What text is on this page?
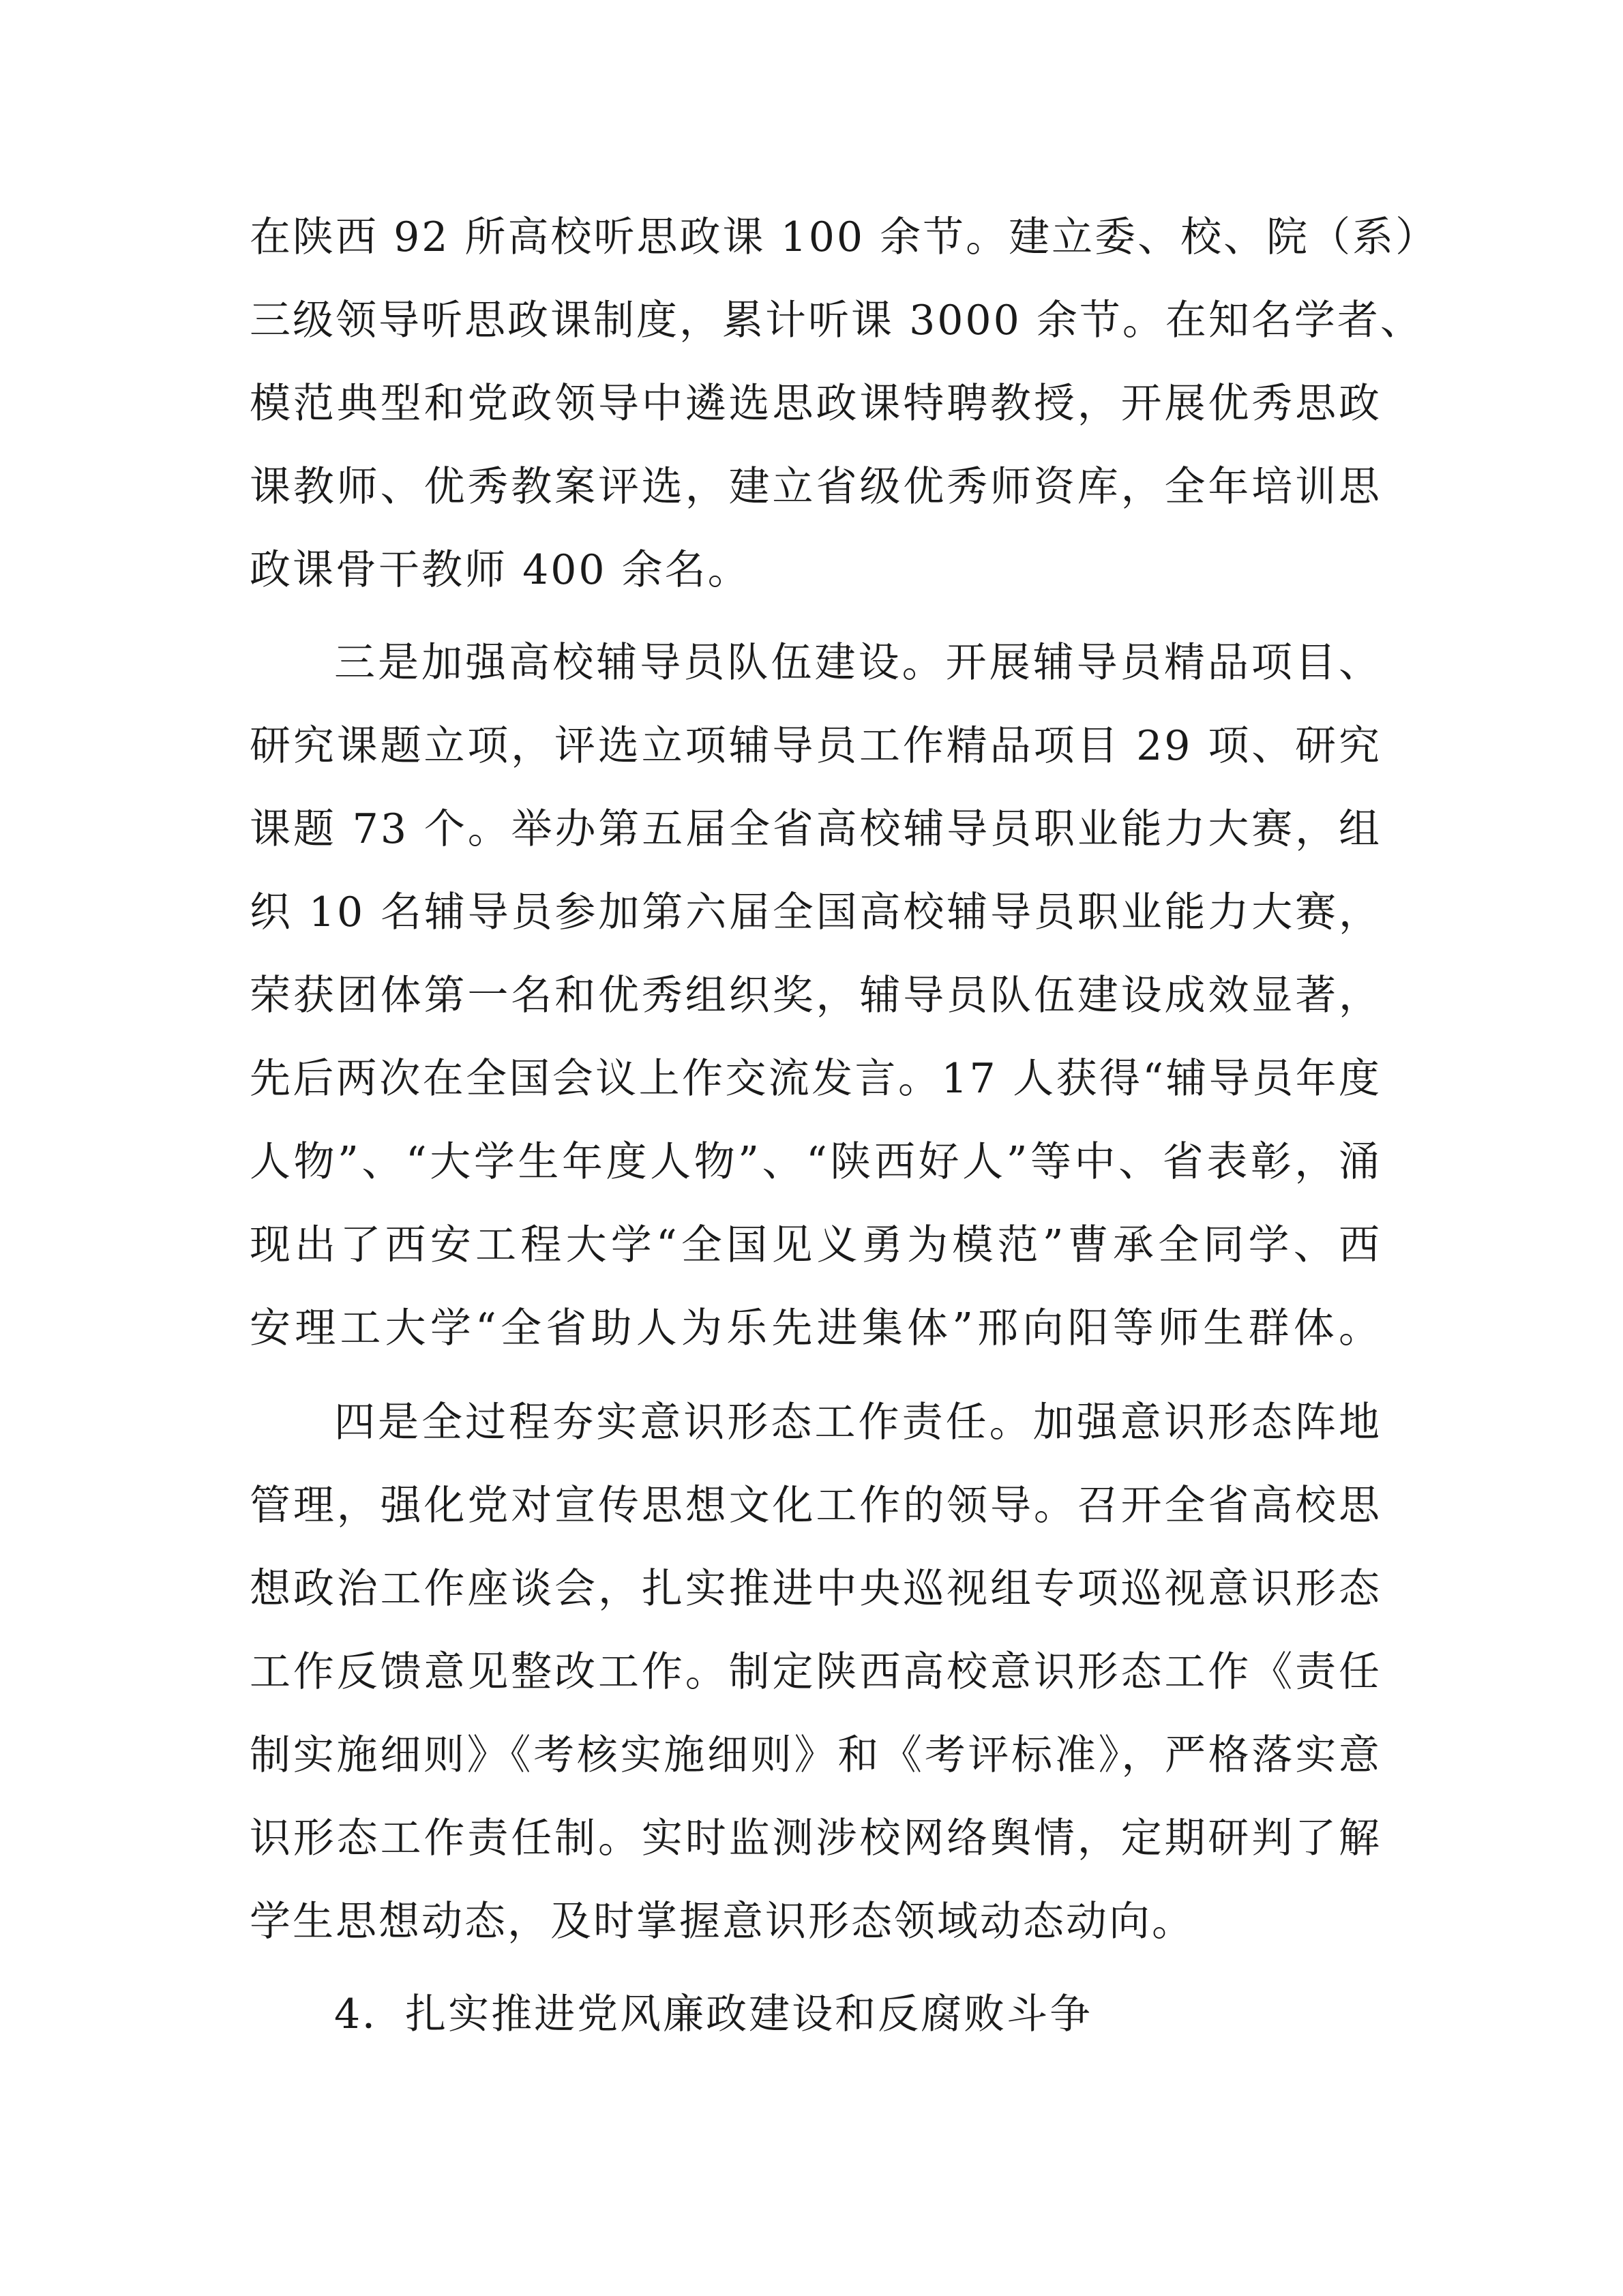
在陕西 92 所高校听思政课 100 余节。建立委、校、院（系）
三级领导听思政课制度，累计听课 3000 余节。在知名学者、
模范典型和党政领导中遴选思政课特聘教授，开展优秀思政
课教师、优秀教案评选，建立省级优秀师资库，全年培训思
政课骨干教师 400 余名。
三是加强高校辅导员队伍建设。开展辅导员精品项目、
研究课题立项，评选立项辅导员工作精品项目 29 项、研究
课题 73 个。举办第五届全省高校辅导员职业能力大赛，组
织 10 名辅导员参加第六届全国高校辅导员职业能力大赛，
荣获团体第一名和优秀组织奖，辅导员队伍建设成效显著，
先后两次在全国会议上作交流发言。17 人获得“辅导员年度
人物”、“大学生年度人物”、“陕西好人”等中、省表彰，涌
现出了西安工程大学“全国见义勇为模范”曹承全同学、西
安理工大学“全省助人为乐先进集体”邢向阳等师生群体。
四是全过程夯实意识形态工作责任。加强意识形态阵地
管理，强化党对宣传思想文化工作的领导。召开全省高校思
想政治工作座谈会，扎实推进中央巡视组专项巡视意识形态
工作反馈意见整改工作。制定陕西高校意识形态工作《责任
制实施细则》《考核实施细则》和《考评标准》，严格落实意
识形态工作责任制。实时监测涉校网络舆情，定期研判了解
学生思想动态，及时掌握意识形态领域动态动向。
4．扎实推进党风廉政建设和反腐败斗争
